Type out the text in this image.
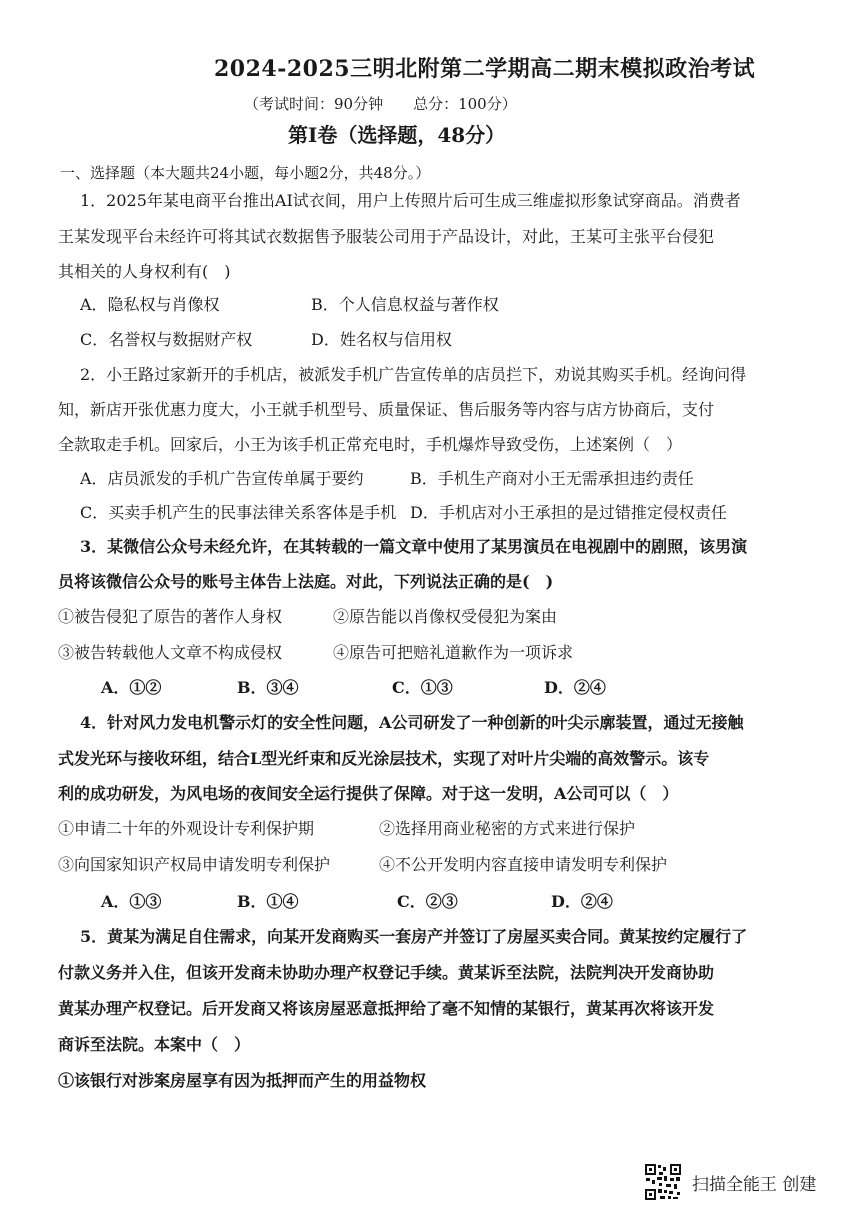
2024-2025三明北附第二学期高二期末模拟政治考试
（考试时间：90分钟　　总分：100分）
第Ⅰ卷（选择题，48分）
一、选择题（本大题共24小题，每小题2分，共48分。）
1．2025年某电商平台推出AI试衣间，用户上传照片后可生成三维虚拟形象试穿商品。消费者
王某发现平台未经许可将其试衣数据售予服装公司用于产品设计，对此，王某可主张平台侵犯
其相关的人身权利有(　)
A．隐私权与肖像权	B．个人信息权益与著作权
C．名誉权与数据财产权	D．姓名权与信用权
2．小王路过家新开的手机店，被派发手机广告宣传单的店员拦下，劝说其购买手机。经询问得
知，新店开张优惠力度大，小王就手机型号、质量保证、售后服务等内容与店方协商后，支付
全款取走手机。回家后，小王为该手机正常充电时，手机爆炸导致受伤，上述案例（　）
A．店员派发的手机广告宣传单属于要约	B．手机生产商对小王无需承担违约责任
C．买卖手机产生的民事法律关系客体是手机 D．手机店对小王承担的是过错推定侵权责任
3．某微信公众号未经允许，在其转载的一篇文章中使用了某男演员在电视剧中的剧照，该男演
员将该微信公众号的账号主体告上法庭。对此，下列说法正确的是(　)
①被告侵犯了原告的著作人身权	②原告能以肖像权受侵犯为案由
③被告转载他人文章不构成侵权	④原告可把赔礼道歉作为一项诉求
A．①②	B．③④	C．①③	D．②④
4．针对风力发电机警示灯的安全性问题，A公司研发了一种创新的叶尖示廓装置，通过无接触
式发光环与接收环组，结合L型光纤束和反光涂层技术，实现了对叶片尖端的高效警示。该专
利的成功研发，为风电场的夜间安全运行提供了保障。对于这一发明，A公司可以（　）
①申请二十年的外观设计专利保护期	②选择用商业秘密的方式来进行保护
③向国家知识产权局申请发明专利保护	④不公开发明内容直接申请发明专利保护
A．①③	B．①④	C．②③	D．②④
5．黄某为满足自住需求，向某开发商购买一套房产并签订了房屋买卖合同。黄某按约定履行了
付款义务并入住，但该开发商未协助办理产权登记手续。黄某诉至法院，法院判决开发商协助
黄某办理产权登记。后开发商又将该房屋恶意抵押给了毫不知情的某银行，黄某再次将该开发
商诉至法院。本案中（　）
①该银行对涉案房屋享有因为抵押而产生的用益物权
扫描全能王 创建
